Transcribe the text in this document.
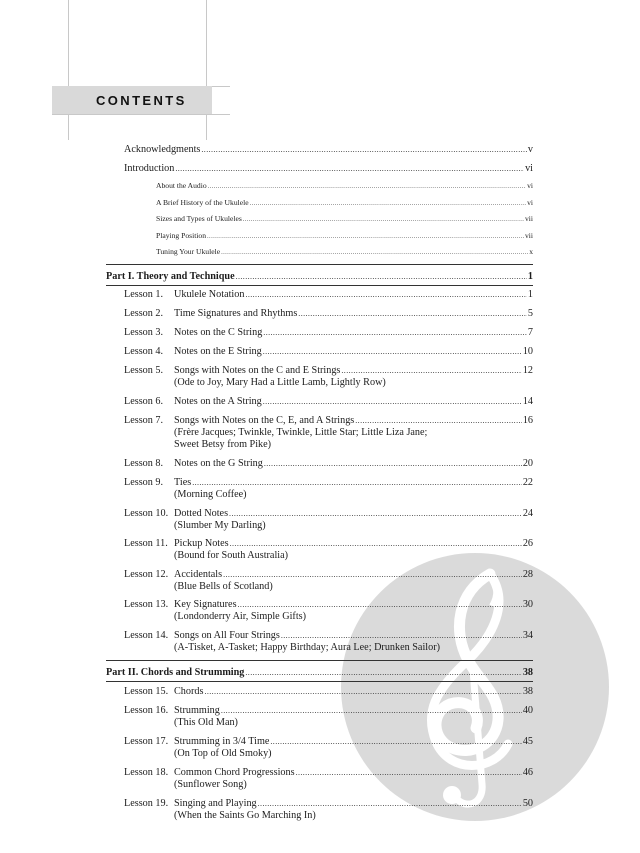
CONTENTS
Acknowledgments .....	v
Introduction .....	vi
About the Audio .....	vi
A Brief History of the Ukulele .....	vi
Sizes and Types of Ukuleles .....	vii
Playing Position .....	vii
Tuning Your Ukulele .....	x
Part I. Theory and Technique .....	1
Lesson 1. Ukulele Notation .....	1
Lesson 2. Time Signatures and Rhythms .....	5
Lesson 3. Notes on the C String .....	7
Lesson 4. Notes on the E String .....	10
Lesson 5. Songs with Notes on the C and E Strings .....	12
(Ode to Joy, Mary Had a Little Lamb, Lightly Row)
Lesson 6. Notes on the A String .....	14
Lesson 7. Songs with Notes on the C, E, and A Strings .....	16
(Frère Jacques; Twinkle, Twinkle, Little Star; Little Liza Jane;
Sweet Betsy from Pike)
Lesson 8. Notes on the G String .....	20
Lesson 9. Ties .....	22
(Morning Coffee)
Lesson 10. Dotted Notes .....	24
(Slumber My Darling)
Lesson 11. Pickup Notes .....	26
(Bound for South Australia)
Lesson 12. Accidentals .....	28
(Blue Bells of Scotland)
Lesson 13. Key Signatures .....	30
(Londonderry Air, Simple Gifts)
Lesson 14. Songs on All Four Strings .....	34
(A-Tisket, A-Tasket; Happy Birthday; Aura Lee; Drunken Sailor)
Part II. Chords and Strumming .....	38
Lesson 15. Chords .....	38
Lesson 16. Strumming .....	40
(This Old Man)
Lesson 17. Strumming in 3/4 Time .....	45
(On Top of Old Smoky)
Lesson 18. Common Chord Progressions .....	46
(Sunflower Song)
Lesson 19. Singing and Playing .....	50
(When the Saints Go Marching In)
